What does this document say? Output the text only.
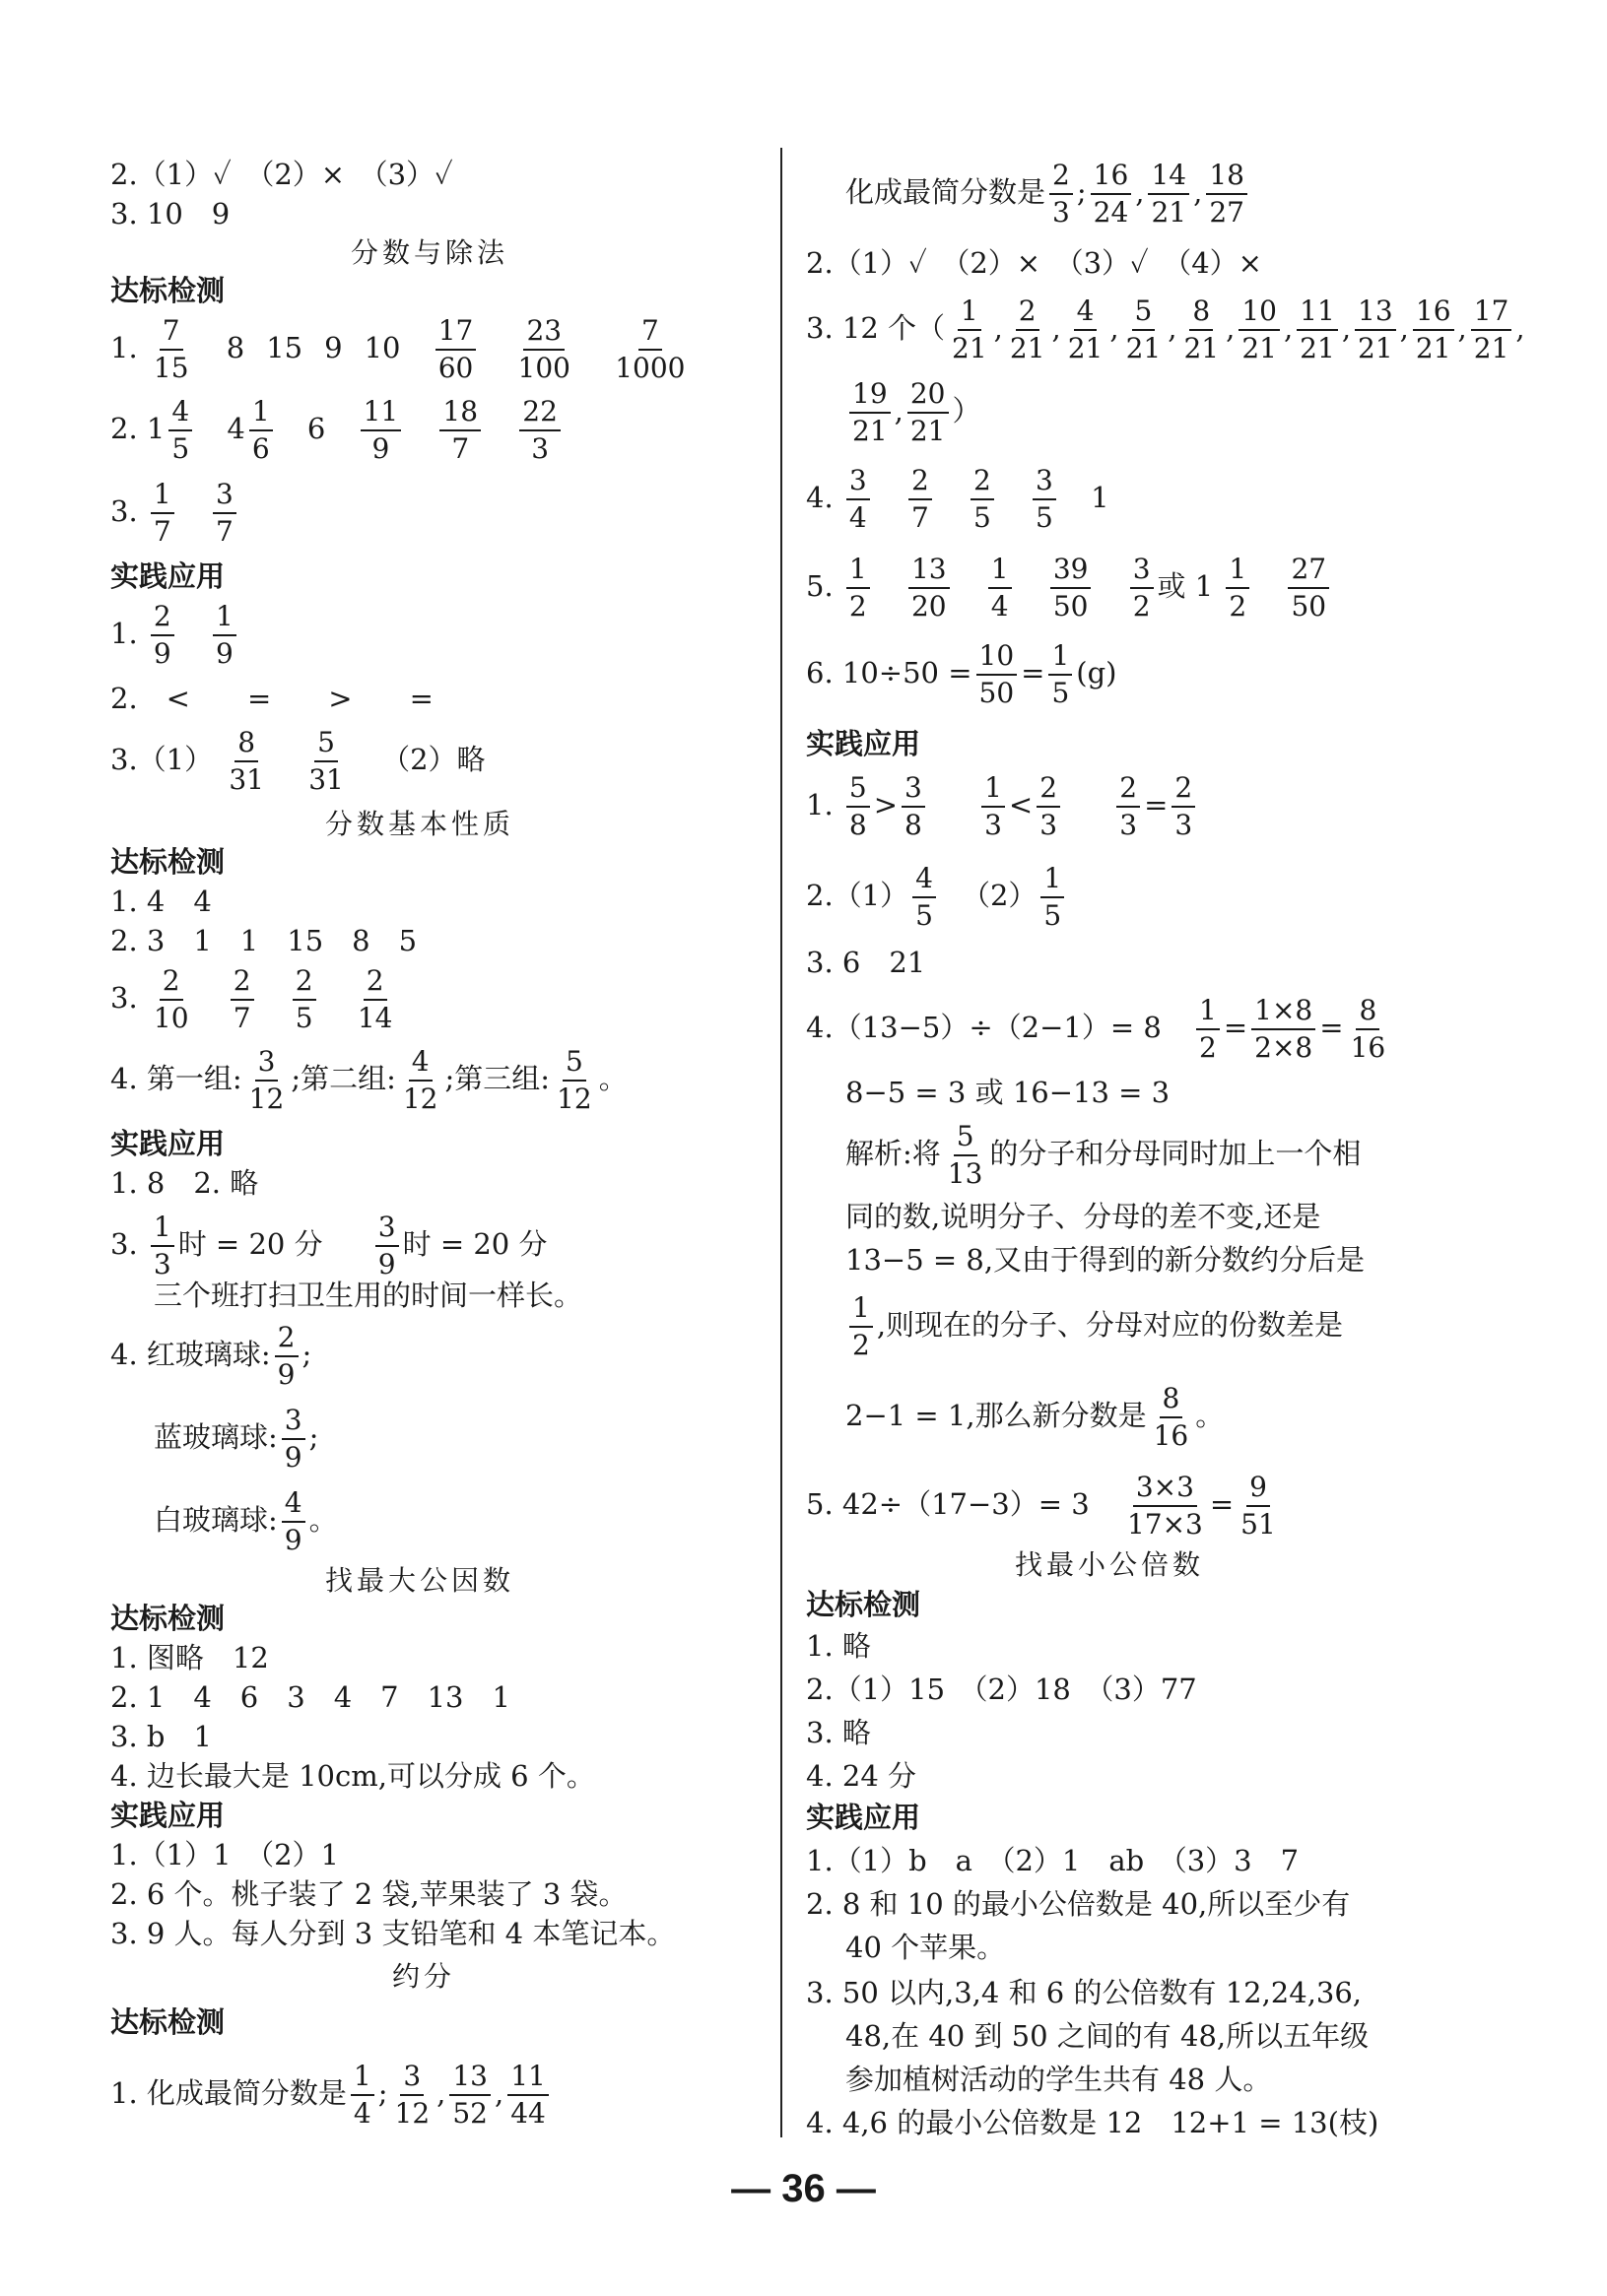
2.（1）✓　（2）×　（3）✓
3. 10　9
分数与除法
达标检测
1. $\frac{7}{15} 8$ 15 9 $10 \frac{17}{60}$
$\frac{23}{100}$
$\frac{7}{1000}$
2. $1 \frac{4}{5} 4 \frac{1}{6} 6 \frac{11}{9}$
$\frac{18}{7}$
$\frac{22}{3}$
3. $\frac{1}{7}$
$\frac{3}{7}$
实践应用
1. $\frac{2}{9}$
$\frac{1}{9}$
2.　<　　=　　>　　=
$3.(1) \frac{8}{31}$
$\frac{5}{31} (2)$略
分数基本性质
达标检测
1. 4　4
2. 3　1　1　15　8　5
3. $\frac{2}{10}$
$\frac{2}{7}$
$\frac{2}{5}$
$\frac{2}{14}$
4. 第一组: $\frac{3}{12}$ ;第二组: $\frac{4}{12}$ ;第三组: $\frac{5}{12}$ 。
实践应用
1. 8　2. 略
3. $\frac{1}{3}$ 时 = 20 分 $\frac{3}{9}$ 时 = 20 分
三个班打扫卫生用的时间一样长。
4. 红玻璃球: $\frac{2}{9}$ ;
蓝玻璃球: $\frac{3}{9}$ ;
白玻璃球: $\frac{4}{9}$ 。
找最大公因数
达标检测
1. 图略　12
2. 1　4　6　3　4　7　13　1
3. b　1
4. 边长最大是 10cm,可以分成 6 个。
实践应用
1.（1）1　（2）1
2. 6 个。桃子装了 2 袋,苹果装了 3 袋。
3. 9 人。每人分到 3 支铅笔和 4 本笔记本。
约分
达标检测
1. 化成最简分数是 $\frac{1}{4}$ ; $\frac{3}{12}$ , $\frac{13}{52}$ , $\frac{11}{44}$
化成最简分数是 $\frac{2}{3}$ ; $\frac{16}{24}$ , $\frac{14}{21}$ , $\frac{18}{27}$
2.（1）✓　（2）×　（3）✓　（4）×
3. 12 个（ $\frac{1}{21}$ , $\frac{2}{21}$ , $\frac{4}{21}$ , $\frac{5}{21}$ , $\frac{8}{21}$ , $\frac{10}{21}$ , $\frac{11}{21}$ , $\frac{13}{21}$ , $\frac{16}{21}$ , $\frac{17}{21}$ ,
$\frac{19}{21}$ , $\frac{20}{21}$ ）
4. $\frac{3}{4}$
$\frac{2}{7}$
$\frac{2}{5}$
$\frac{3}{5} 1$
5. $\frac{1}{2}$
$\frac{13}{20}$
$\frac{1}{4}$
$\frac{39}{50}$
$\frac{3}{2}$ 或 $1 \frac{1}{2}$
$\frac{27}{50}$
6. $10\div 50 = \frac{10}{50} = \frac{1}{5} (g)$
实践应用
1. $\frac{5}{8} > \frac{3}{8}$
$\frac{1}{3} < \frac{2}{3}$
$\frac{2}{3} = \frac{2}{3}$
$2.(1) \frac{4}{5} (2) \frac{1}{5}$
3. 6　21
$4.(13-5)\div(2-1)= 8 \frac{1}{2} = \frac{1\times 8}{2\times 8} = \frac{8}{16}$
8−5 = 3 或 16−13 = 3
解析:将 $\frac{5}{13}$ 的分子和分母同时加上一个相
同的数,说明分子、分母的差不变,还是
13−5 = 8,又由于得到的新分数约分后是
$\frac{1}{2}$ ,则现在的分子、分母对应的份数差是
2−1 = 1,那么新分数是 $\frac{8}{16}$ 。
5. $42\div(17-3)= 3 \frac{3\times 3}{17\times 3} = \frac{9}{51}$
找最小公倍数
达标检测
1. 略
2.（1）15　（2）18　（3）77
3. 略
4. 24 分
实践应用
1.（1）b　a　（2）1　ab　（3）3　7
2. 8 和 10 的最小公倍数是 40,所以至少有
40 个苹果。
3. 50 以内,3,4 和 6 的公倍数有 12,24,36,
48,在 40 到 50 之间的有 48,所以五年级
参加植树活动的学生共有 48 人。
4. 4,6 的最小公倍数是 12　12+1 = 13(枝)
— 36 —
